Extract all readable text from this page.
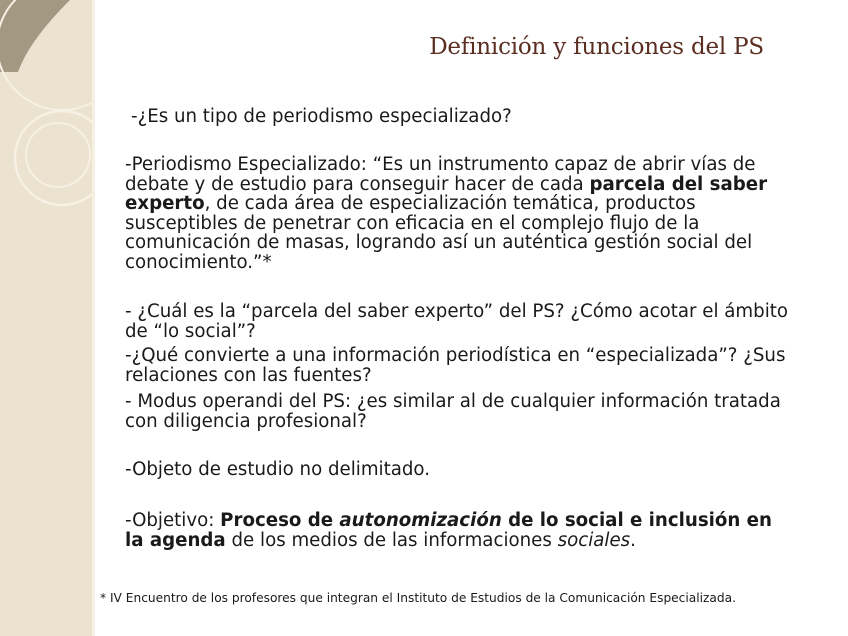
Definición y funciones del PS
-¿Es un tipo de periodismo especializado?
-Periodismo Especializado: “Es un instrumento capaz de abrir vías de debate y de estudio para conseguir hacer de cada parcela del saber experto, de cada área de especialización temática, productos susceptibles de penetrar con eficacia en el complejo flujo de la comunicación de masas, logrando así un auténtica gestión social del conocimiento.”*
- ¿Cuál es la “parcela del saber experto” del PS? ¿Cómo acotar el ámbito de “lo social”?
-¿Qué convierte a una información periodística en “especializada”? ¿Sus relaciones con las fuentes?
- Modus operandi del PS: ¿es similar al de cualquier información tratada con diligencia profesional?
-Objeto de estudio no delimitado.
-Objetivo: Proceso de autonomización de lo social e inclusión en la agenda de los medios de las informaciones sociales.
* IV Encuentro de los profesores que integran el Instituto de Estudios de la Comunicación Especializada.
